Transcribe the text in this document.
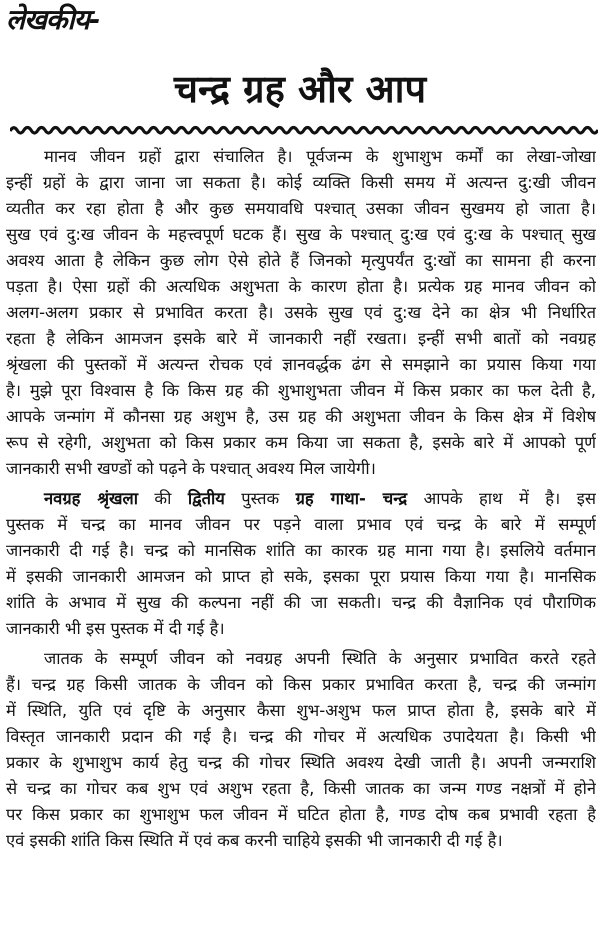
लेखकीय-
चन्द्र ग्रह और आप
मानव जीवन ग्रहों द्वारा संचालित है। पूर्वजन्म के शुभाशुभ कर्मों का लेखा-जोखा
इन्हीं ग्रहों के द्वारा जाना जा सकता है। कोई व्यक्ति किसी समय में अत्यन्त दु:खी जीवन
व्यतीत कर रहा होता है और कुछ समयावधि पश्चात् उसका जीवन सुखमय हो जाता है।
सुख एवं दु:ख जीवन के महत्त्वपूर्ण घटक हैं। सुख के पश्चात् दु:ख एवं दु:ख के पश्चात् सुख
अवश्य आता है लेकिन कुछ लोग ऐसे होते हैं जिनको मृत्युपर्यंत दु:खों का सामना ही करना
पड़ता है। ऐसा ग्रहों की अत्यधिक अशुभता के कारण होता है। प्रत्येक ग्रह मानव जीवन को
अलग-अलग प्रकार से प्रभावित करता है। उसके सुख एवं दु:ख देने का क्षेत्र भी निर्धारित
रहता है लेकिन आमजन इसके बारे में जानकारी नहीं रखता। इन्हीं सभी बातों को नवग्रह
श्रृंखला की पुस्तकों में अत्यन्त रोचक एवं ज्ञानवर्द्धक ढंग से समझाने का प्रयास किया गया
है। मुझे पूरा विश्वास है कि किस ग्रह की शुभाशुभता जीवन में किस प्रकार का फल देती है,
आपके जन्मांग में कौनसा ग्रह अशुभ है, उस ग्रह की अशुभता जीवन के किस क्षेत्र में विशेष
रूप से रहेगी, अशुभता को किस प्रकार कम किया जा सकता है, इसके बारे में आपको पूर्ण
जानकारी सभी खण्डों को पढ़ने के पश्चात् अवश्य मिल जायेगी।
नवग्रह श्रृंखला की द्वितीय पुस्तक ग्रह गाथा- चन्द्र आपके हाथ में है। इस
पुस्तक में चन्द्र का मानव जीवन पर पड़ने वाला प्रभाव एवं चन्द्र के बारे में सम्पूर्ण
जानकारी दी गई है। चन्द्र को मानसिक शांति का कारक ग्रह माना गया है। इसलिये वर्तमान
में इसकी जानकारी आमजन को प्राप्त हो सके, इसका पूरा प्रयास किया गया है। मानसिक
शांति के अभाव में सुख की कल्पना नहीं की जा सकती। चन्द्र की वैज्ञानिक एवं पौराणिक
जानकारी भी इस पुस्तक में दी गई है।
जातक के सम्पूर्ण जीवन को नवग्रह अपनी स्थिति के अनुसार प्रभावित करते रहते
हैं। चन्द्र ग्रह किसी जातक के जीवन को किस प्रकार प्रभावित करता है, चन्द्र की जन्मांग
में स्थिति, युति एवं दृष्टि के अनुसार कैसा शुभ-अशुभ फल प्राप्त होता है, इसके बारे में
विस्तृत जानकारी प्रदान की गई है। चन्द्र की गोचर में अत्यधिक उपादेयता है। किसी भी
प्रकार के शुभाशुभ कार्य हेतु चन्द्र की गोचर स्थिति अवश्य देखी जाती है। अपनी जन्मराशि
से चन्द्र का गोचर कब शुभ एवं अशुभ रहता है, किसी जातक का जन्म गण्ड नक्षत्रों में होने
पर किस प्रकार का शुभाशुभ फल जीवन में घटित होता है, गण्ड दोष कब प्रभावी रहता है
एवं इसकी शांति किस स्थिति में एवं कब करनी चाहिये इसकी भी जानकारी दी गई है।
